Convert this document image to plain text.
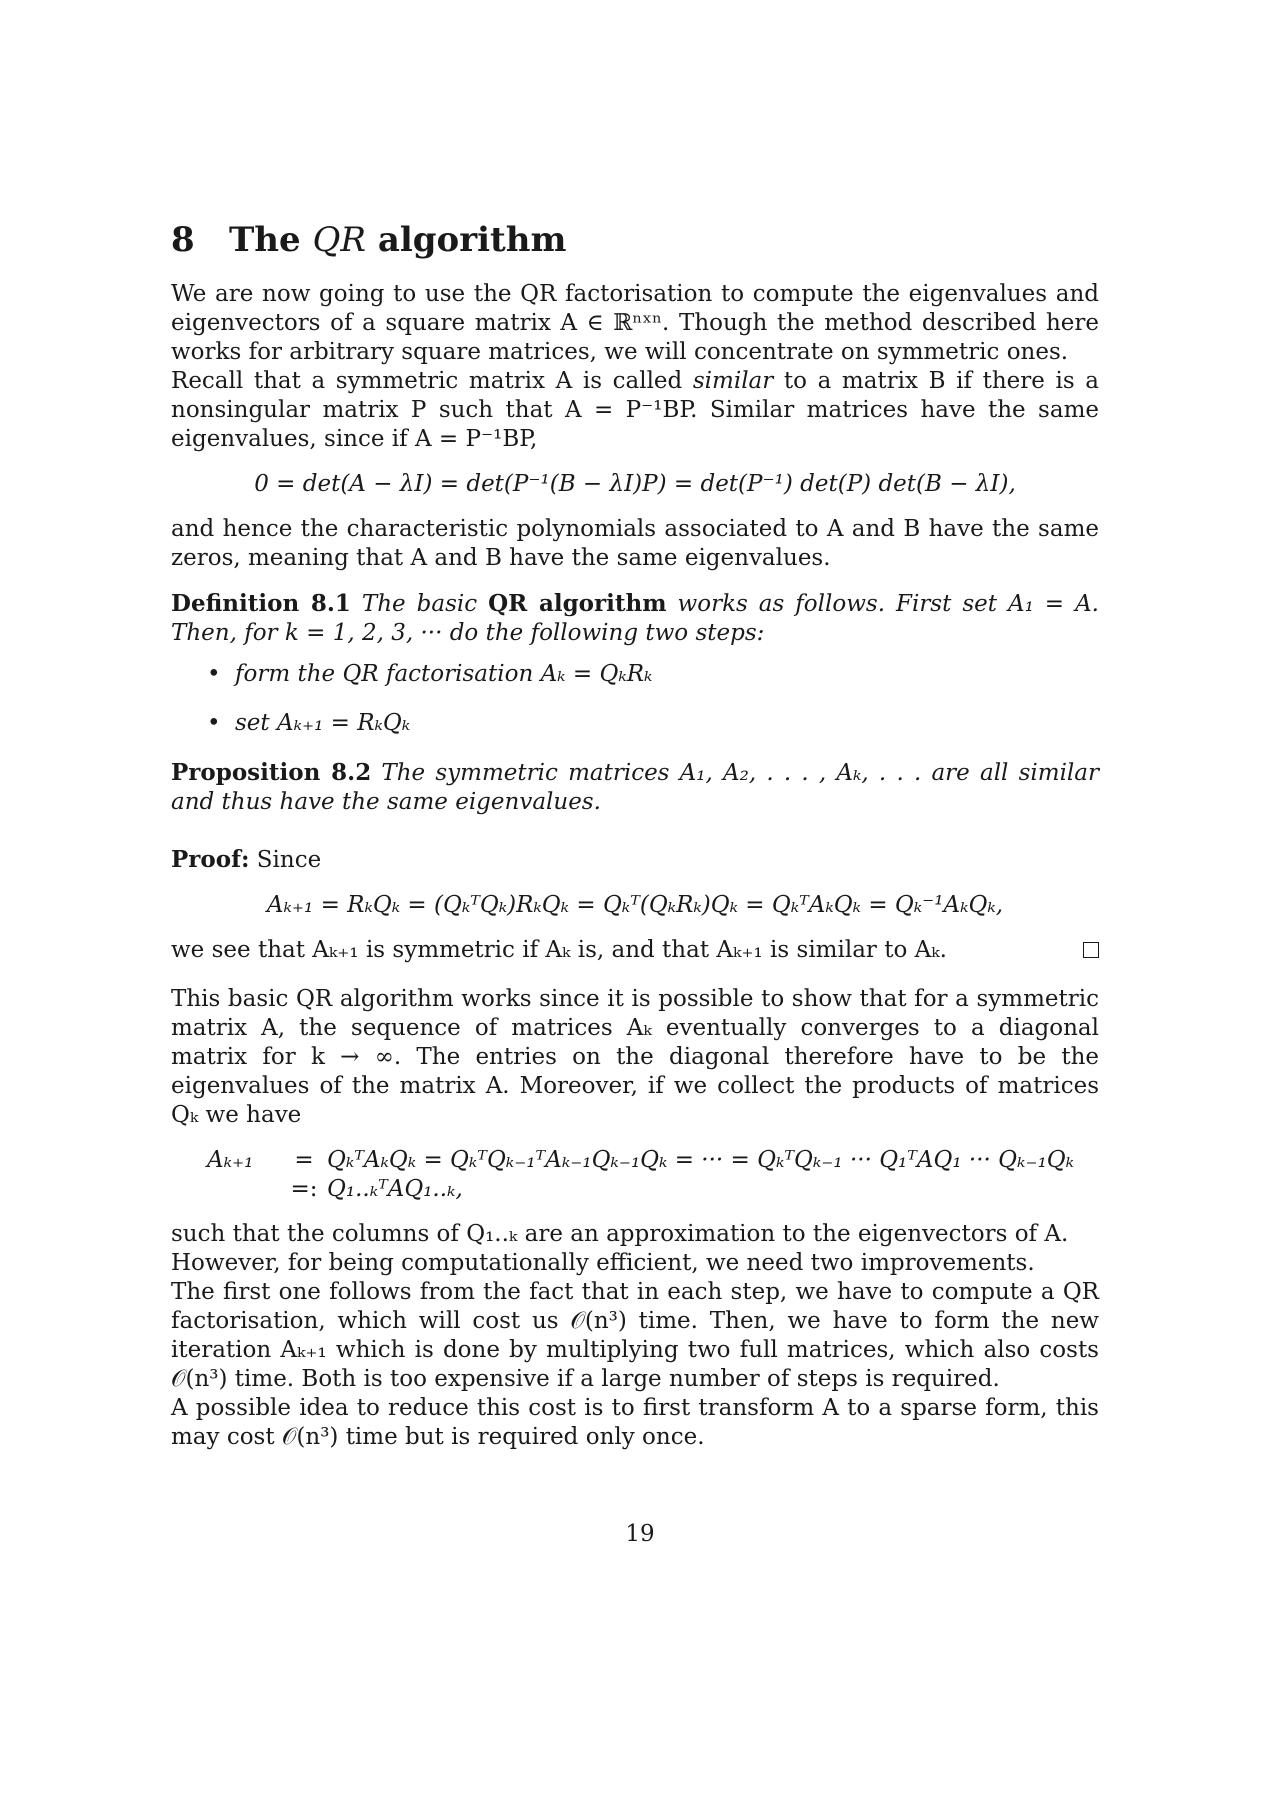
8 The QR algorithm

We are now going to use the QR factorisation to compute the eigenvalues and eigenvectors of a square matrix A ∈ ℝⁿˣⁿ. Though the method described here works for arbitrary square matrices, we will concentrate on symmetric ones.

Recall that a symmetric matrix A is called similar to a matrix B if there is a nonsingular matrix P such that A = P⁻¹BP. Similar matrices have the same eigenvalues, since if A = P⁻¹BP,

0 = det(A − λI) = det(P⁻¹(B − λI)P) = det(P⁻¹) det(P) det(B − λI),

and hence the characteristic polynomials associated to A and B have the same zeros, meaning that A and B have the same eigenvalues.

Definition 8.1 The basic QR algorithm works as follows. First set A₁ = A. Then, for k = 1, 2, 3, ··· do the following two steps:

• form the QR factorisation Aₖ = QₖRₖ
• set Aₖ₊₁ = RₖQₖ

Proposition 8.2 The symmetric matrices A₁, A₂, . . . , Aₖ, . . . are all similar and thus have the same eigenvalues.

Proof: Since

Aₖ₊₁ = RₖQₖ = (QₖᵀQₖ)RₖQₖ = Qₖᵀ(QₖRₖ)Qₖ = QₖᵀAₖQₖ = Qₖ⁻¹AₖQₖ,
we see that Aₖ₊₁ is symmetric if Aₖ is, and that Aₖ₊₁ is similar to Aₖ.

This basic QR algorithm works since it is possible to show that for a symmetric matrix A, the sequence of matrices Aₖ eventually converges to a diagonal matrix for k → ∞. The entries on the diagonal therefore have to be the eigenvalues of the matrix A. Moreover, if we collect the products of matrices Qₖ we have

Aₖ₊₁	= QₖᵀAₖQₖ = QₖᵀQₖ₋₁ᵀAₖ₋₁Qₖ₋₁Qₖ = ··· = QₖᵀQₖ₋₁ ··· Q₁ᵀAQ₁ ··· Qₖ₋₁Qₖ
=: Q₁..ₖᵀAQ₁..ₖ,

such that the columns of Q₁..ₖ are an approximation to the eigenvectors of A.

However, for being computationally efficient, we need two improvements.

The first one follows from the fact that in each step, we have to compute a QR factorisation, which will cost us 𝒪(n³) time. Then, we have to form the new iteration Aₖ₊₁ which is done by multiplying two full matrices, which also costs 𝒪(n³) time. Both is too expensive if a large number of steps is required.

A possible idea to reduce this cost is to first transform A to a sparse form, this may cost 𝒪(n³) time but is required only once.

19
